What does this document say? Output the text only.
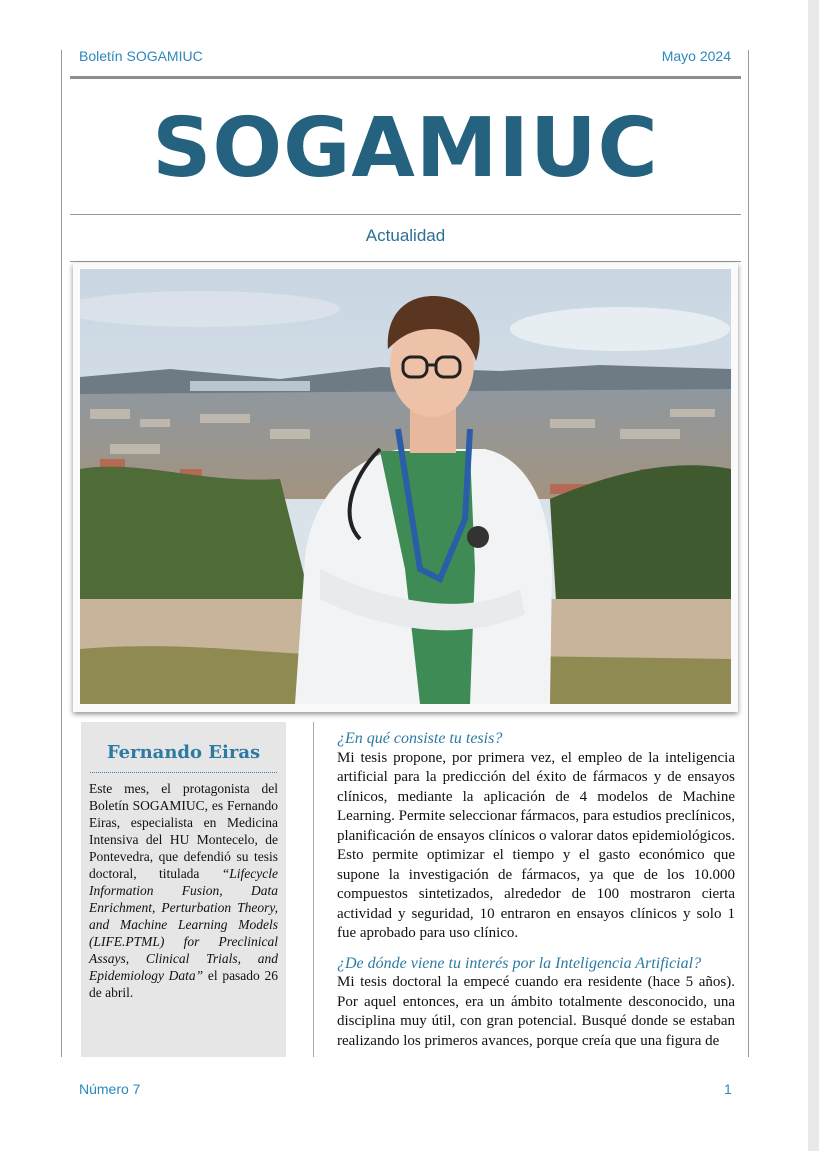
Boletín SOGAMIUC	Mayo 2024
SOGAMIUC
Actualidad
Fernando Eiras
Este mes, el protagonista del Boletín SOGAMIUC, es Fernando Eiras, especialista en Medicina Intensiva del HU Montecelo, de Pontevedra, que defendió su tesis doctoral, titulada “Lifecycle Information Fusion, Data Enrichment, Perturbation Theory, and Machine Learning Models (LIFE.PTML) for Preclinical Assays, Clinical Trials, and Epidemiology Data” el pasado 26 de abril.

¿En qué consiste tu tesis?

Mi tesis propone, por primera vez, el empleo de la inteligencia artificial para la predicción del éxito de fármacos y de ensayos clínicos, mediante la aplicación de 4 modelos de Machine Learning. Permite seleccionar fármacos, para estudios preclínicos, planificación de ensayos clínicos o valorar datos epidemiológicos. Esto permite optimizar el tiempo y el gasto económico que supone la investigación de fármacos, ya que de los 10.000 compuestos sintetizados, alrededor de 100 mostraron cierta actividad y seguridad, 10 entraron en ensayos clínicos y solo 1 fue aprobado para uso clínico.

¿De dónde viene tu interés por la Inteligencia Artificial?

Mi tesis doctoral la empecé cuando era residente (hace 5 años). Por aquel entonces, era un ámbito totalmente desconocido, una disciplina muy útil, con gran potencial. Busqué donde se estaban realizando los primeros avances, porque creía que una figura de

Número 7	1
